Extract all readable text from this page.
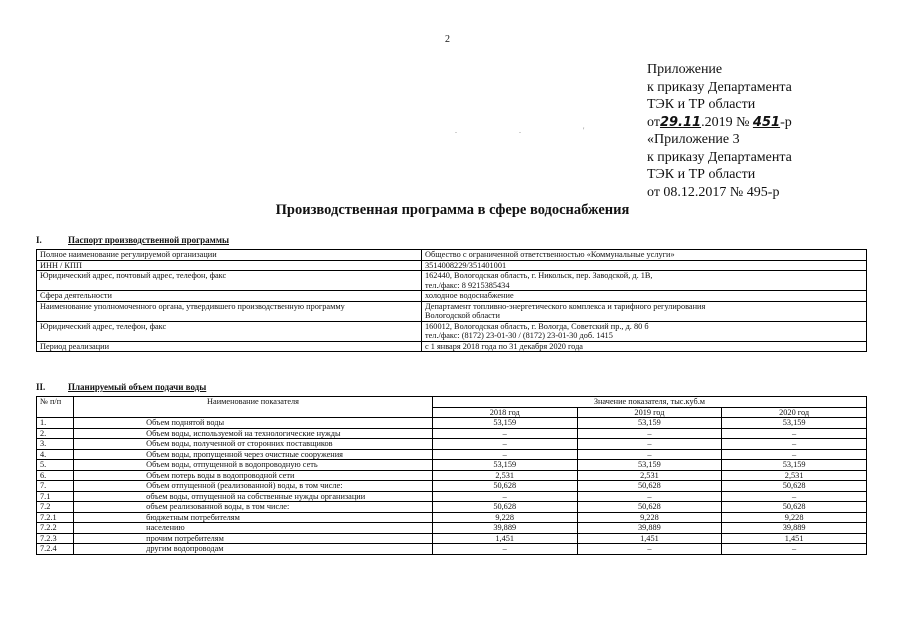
2
Приложение
к приказу Департамента
ТЭК и ТР области
от29.11.2019 № 451-р
«Приложение 3
к приказу Департамента
ТЭК и ТР области
от 08.12.2017 № 495-р
. . '
Производственная программа в сфере водоснабжения
I.	Паспорт производственной программы
Полное наименование регулируемой организации	Общество с ограниченной ответственностью «Коммунальные услуги»

ИНН / КПП	3514008229/351401001

Юридический адрес, почтовый адрес, телефон, факс	162440, Вологодская область, г. Никольск, пер. Заводской, д. 1В,
тел./факс: 8 9215385434

Сфера деятельности	холодное водоснабжение

Наименование уполномоченного органа, утвердившего производственную программу	Департамент топливно-энергетического комплекса и тарифного регулирования
Вологодской области

Юридический адрес, телефон, факс	160012, Вологодская область, г. Вологда, Советский пр., д. 80 б
тел./факс: (8172) 23-01-30 / (8172) 23-01-30 доб. 1415

Период реализации	с 1 января 2018 года по 31 декабря 2020 года
II.	Планируемый объем подачи воды
№ п/п	Наименование показателя	Значение показателя, тыс.куб.м		
		2018 год	2019 год	2020 год
1.	Объем поднятой воды	53,159	53,159	53,159
2.	Объем воды, используемой на технологические нужды	–	–	–
3.	Объем воды, полученной от сторонних поставщиков	–	–	–
4.	Объем воды, пропущенной через очистные сооружения	–	–	–
5.	Объем воды, отпущенной в водопроводную сеть	53,159	53,159	53,159
6.	Объем потерь воды в водопроводной сети	2,531	2,531	2,531
7.	Объем отпущенной (реализованной) воды, в том числе:	50,628	50,628	50,628
7.1	объем воды, отпущенной на собственные нужды организации	–	–	–
7.2	объем реализованной воды, в том числе:	50,628	50,628	50,628
7.2.1	бюджетным потребителям	9,228	9,228	9,228
7.2.2	населению	39,889	39,889	39,889
7.2.3	прочим потребителям	1,451	1,451	1,451
7.2.4	другим водопроводам	–	–	–
